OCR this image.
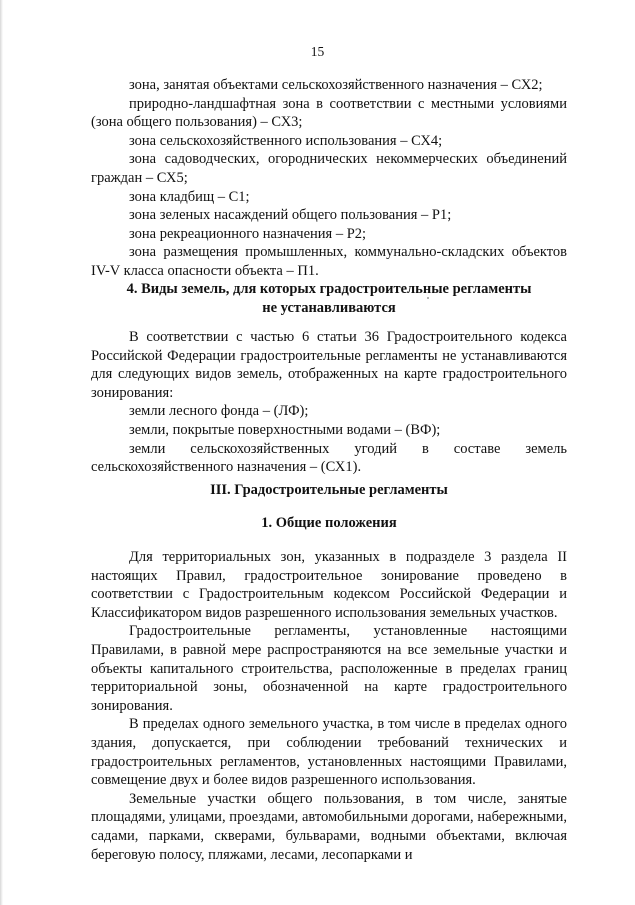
15

зона, занятая объектами сельскохозяйственного назначения – СХ2;

природно-ландшафтная зона в соответствии с местными условиями (зона общего пользования) – СХ3;

зона сельскохозяйственного использования – СХ4;

зона садоводческих, огороднических некоммерческих объединений граждан – СХ5;

зона кладбищ – С1;

зона зеленых насаждений общего пользования – Р1;

зона рекреационного назначения – Р2;

зона размещения промышленных, коммунально-складских объектов IV-V класса опасности объекта – П1.

4. Виды земель, для которых градостроительные регламенты
не устанавливаются

В соответствии с частью 6 статьи 36 Градостроительного кодекса Российской Федерации градостроительные регламенты не устанавливаются для следующих видов земель, отображенных на карте градостроительного зонирования:

земли лесного фонда – (ЛФ);

земли, покрытые поверхностными водами – (ВФ);

земли сельскохозяйственных угодий в составе земель сельскохозяйственного назначения – (СХ1).

III. Градостроительные регламенты
1. Общие положения

Для территориальных зон, указанных в подразделе 3 раздела II настоящих Правил, градостроительное зонирование проведено в соответствии с Градостроительным кодексом Российской Федерации и Классификатором видов разрешенного использования земельных участков.

Градостроительные регламенты, установленные настоящими Правилами, в равной мере распространяются на все земельные участки и объекты капитального строительства, расположенные в пределах границ территориальной зоны, обозначенной на карте градостроительного зонирования.

В пределах одного земельного участка, в том числе в пределах одного здания, допускается, при соблюдении требований технических и градостроительных регламентов, установленных настоящими Правилами, совмещение двух и более видов разрешенного использования.

Земельные участки общего пользования, в том числе, занятые площадями, улицами, проездами, автомобильными дорогами, набережными, садами, парками, скверами, бульварами, водными объектами, включая береговую полосу, пляжами, лесами, лесопарками и
